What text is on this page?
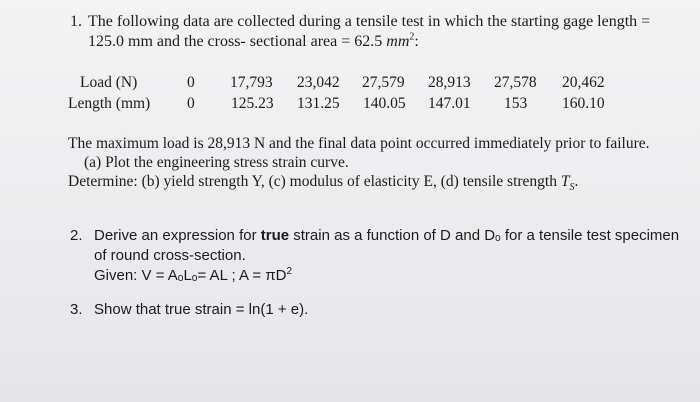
1. The following data are collected during a tensile test in which the starting gage length =
125.0 mm and the cross- sectional area = 62.5 $mm^2$:
Load (N)	0 17,793 23,042 27,579 28,913 27,578 20,462
Length (mm) 0 125.23 131.25 140.05 147.01 153 160.10
The maximum load is 28,913 N and the final data point occurred immediately prior to failure.
(a) Plot the engineering stress strain curve.
Determine: (b) yield strength Y, (c) modulus of elasticity E, (d) tensile strength $T_S$.
2. Derive an expression for true strain as a function of D and Dₒ for a tensile test specimen
of round cross-section.
Given: V = AₒLₒ= AL ; $A = \pi D^2$
3. Show that true strain = ln(1 + e).
